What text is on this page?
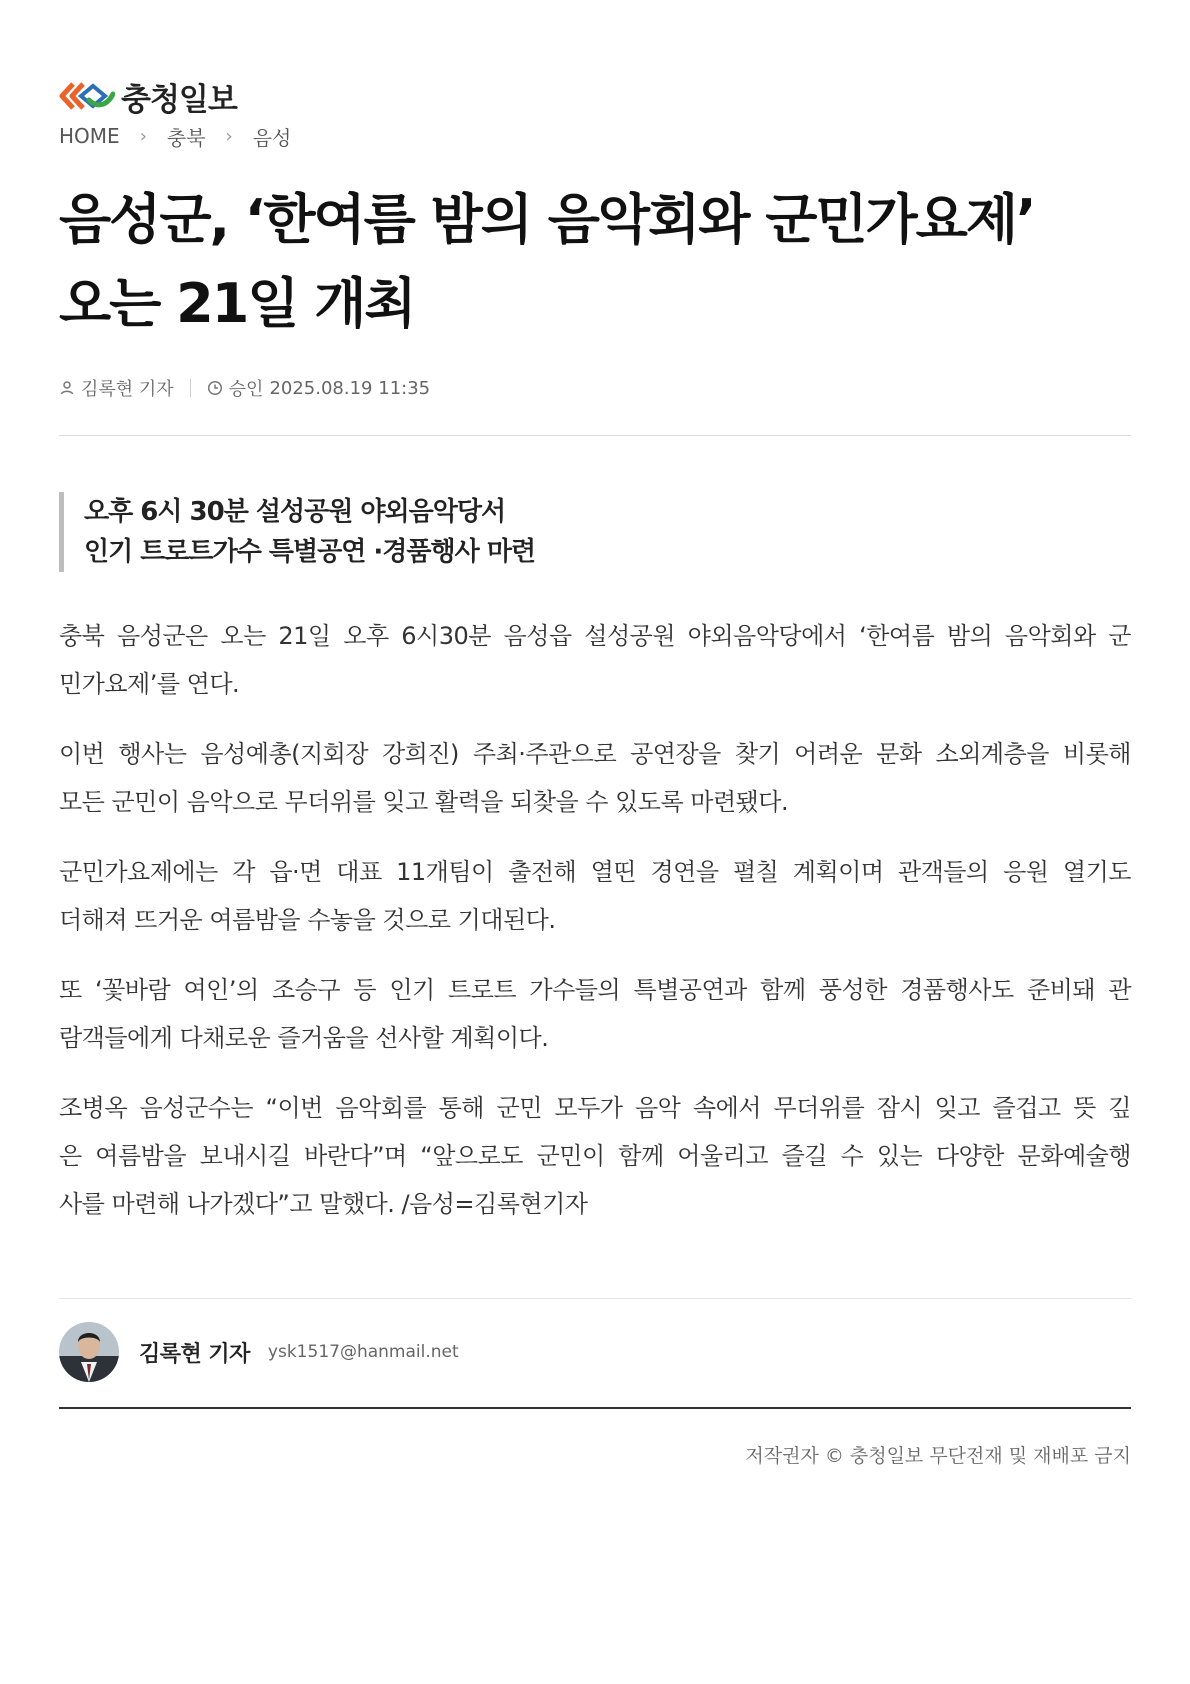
충청일보
HOME › 충북 › 음성
음성군, ‘한여름 밤의 음악회와 군민가요제’
오는 21일 개최
김록현 기자	승인 2025.08.19 11:35
오후 6시 30분 설성공원 야외음악당서
인기 트로트가수 특별공연 ·경품행사 마련

충북 음성군은 오는 21일 오후 6시30분 음성읍 설성공원 야외음악당에서 ‘한여름 밤의 음악회와 군
민가요제’를 연다.

이번 행사는 음성예총(지회장 강희진) 주최·주관으로 공연장을 찾기 어려운 문화 소외계층을 비롯해
모든 군민이 음악으로 무더위를 잊고 활력을 되찾을 수 있도록 마련됐다.

군민가요제에는 각 읍·면 대표 11개팀이 출전해 열띤 경연을 펼칠 계획이며 관객들의 응원 열기도
더해져 뜨거운 여름밤을 수놓을 것으로 기대된다.

또 ‘꽃바람 여인’의 조승구 등 인기 트로트 가수들의 특별공연과 함께 풍성한 경품행사도 준비돼 관
람객들에게 다채로운 즐거움을 선사할 계획이다.

조병옥 음성군수는 “이번 음악회를 통해 군민 모두가 음악 속에서 무더위를 잠시 잊고 즐겁고 뜻 깊
은 여름밤을 보내시길 바란다”며 “앞으로도 군민이 함께 어울리고 즐길 수 있는 다양한 문화예술행
사를 마련해 나가겠다”고 말했다. /음성=김록현기자

김록현 기자 ysk1517@hanmail.net
저작권자 © 충청일보 무단전재 및 재배포 금지
